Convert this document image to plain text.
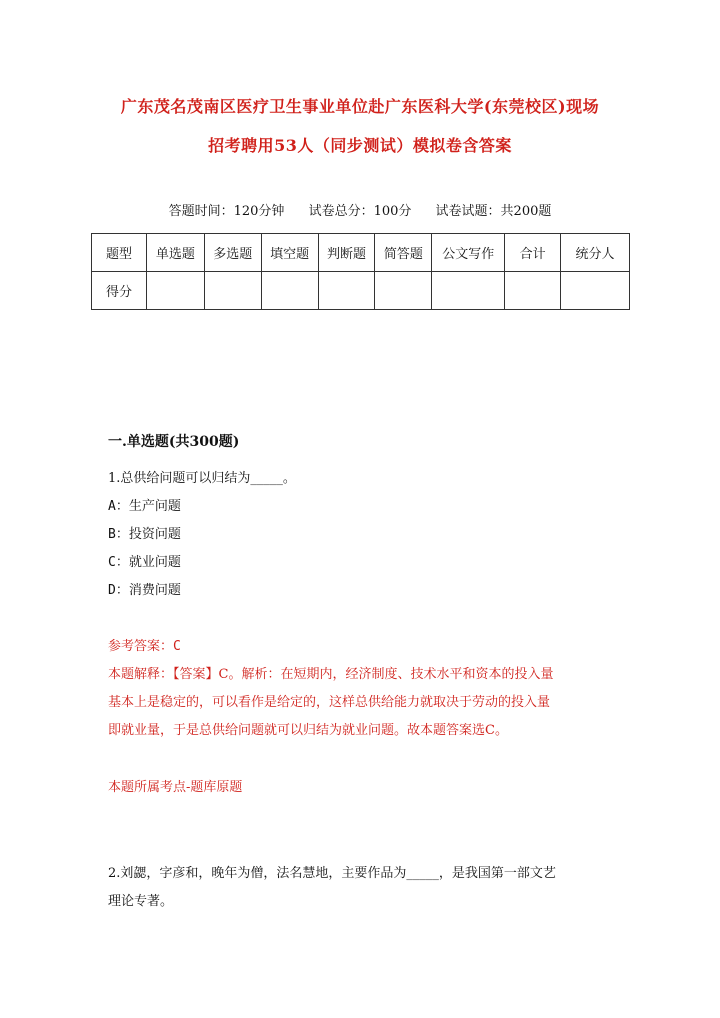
广东茂名茂南区医疗卫生事业单位赴广东医科大学(东莞校区)现场
招考聘用53人（同步测试）模拟卷含答案
答题时间：120分钟 试卷总分：100分 试卷试题：共200题
题型	单选题	多选题	填空题	判断题	简答题	公文写作	合计	统分人
得分								
一.单选题(共300题)
1.总供给问题可以归结为_____。
A：生产问题
B：投资问题
C：就业问题
D：消费问题
参考答案：C
本题解释：【答案】C。解析：在短期内，经济制度、技术水平和资本的投入量
基本上是稳定的，可以看作是给定的，这样总供给能力就取决于劳动的投入量
即就业量，于是总供给问题就可以归结为就业问题。故本题答案选C。
本题所属考点-题库原题
2.刘勰，字彦和，晚年为僧，法名慧地，主要作品为_____，是我国第一部文艺
理论专著。
